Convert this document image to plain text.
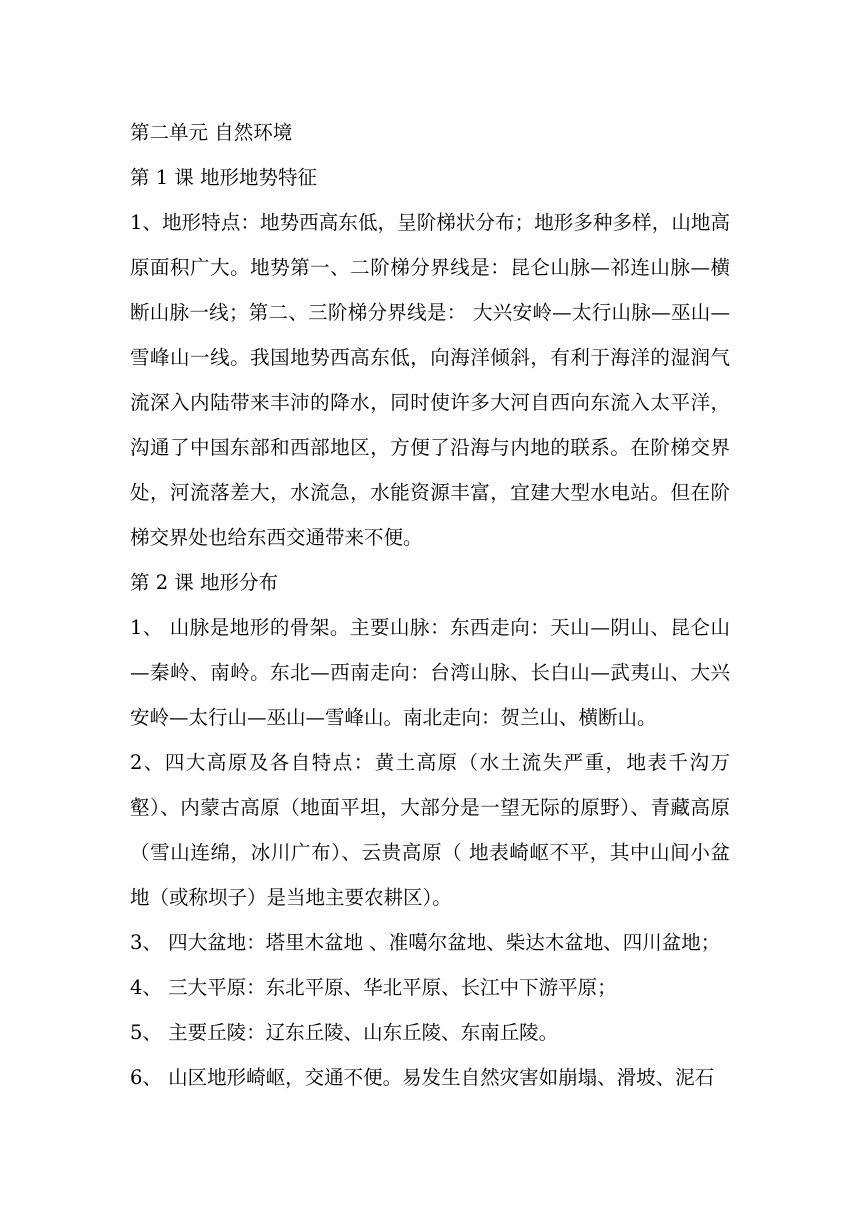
第二单元 自然环境

第 1 课 地形地势特征

1、地形特点：地势西高东低，呈阶梯状分布；地形多种多样，山地高原面积广大。地势第一、二阶梯分界线是：昆仑山脉—祁连山脉—横断山脉一线；第二、三阶梯分界线是： 大兴安岭—太行山脉—巫山—雪峰山一线。我国地势西高东低，向海洋倾斜，有利于海洋的湿润气流深入内陆带来丰沛的降水，同时使许多大河自西向东流入太平洋，沟通了中国东部和西部地区，方便了沿海与内地的联系。在阶梯交界处，河流落差大，水流急，水能资源丰富，宜建大型水电站。但在阶梯交界处也给东西交通带来不便。

第 2 课 地形分布

1、 山脉是地形的骨架。主要山脉：东西走向：天山—阴山、昆仑山—秦岭、南岭。东北—西南走向：台湾山脉、长白山—武夷山、大兴安岭—太行山—巫山—雪峰山。南北走向：贺兰山、横断山。

2、四大高原及各自特点：黄土高原（水土流失严重，地表千沟万壑）、内蒙古高原（地面平坦，大部分是一望无际的原野）、青藏高原（雪山连绵，冰川广布）、云贵高原（ 地表崎岖不平，其中山间小盆地（或称坝子）是当地主要农耕区）。

3、 四大盆地：塔里木盆地 、准噶尔盆地、柴达木盆地、四川盆地；

4、 三大平原：东北平原、华北平原、长江中下游平原；

5、 主要丘陵：辽东丘陵、山东丘陵、东南丘陵。

6、 山区地形崎岖，交通不便。易发生自然灾害如崩塌、滑坡、泥石
